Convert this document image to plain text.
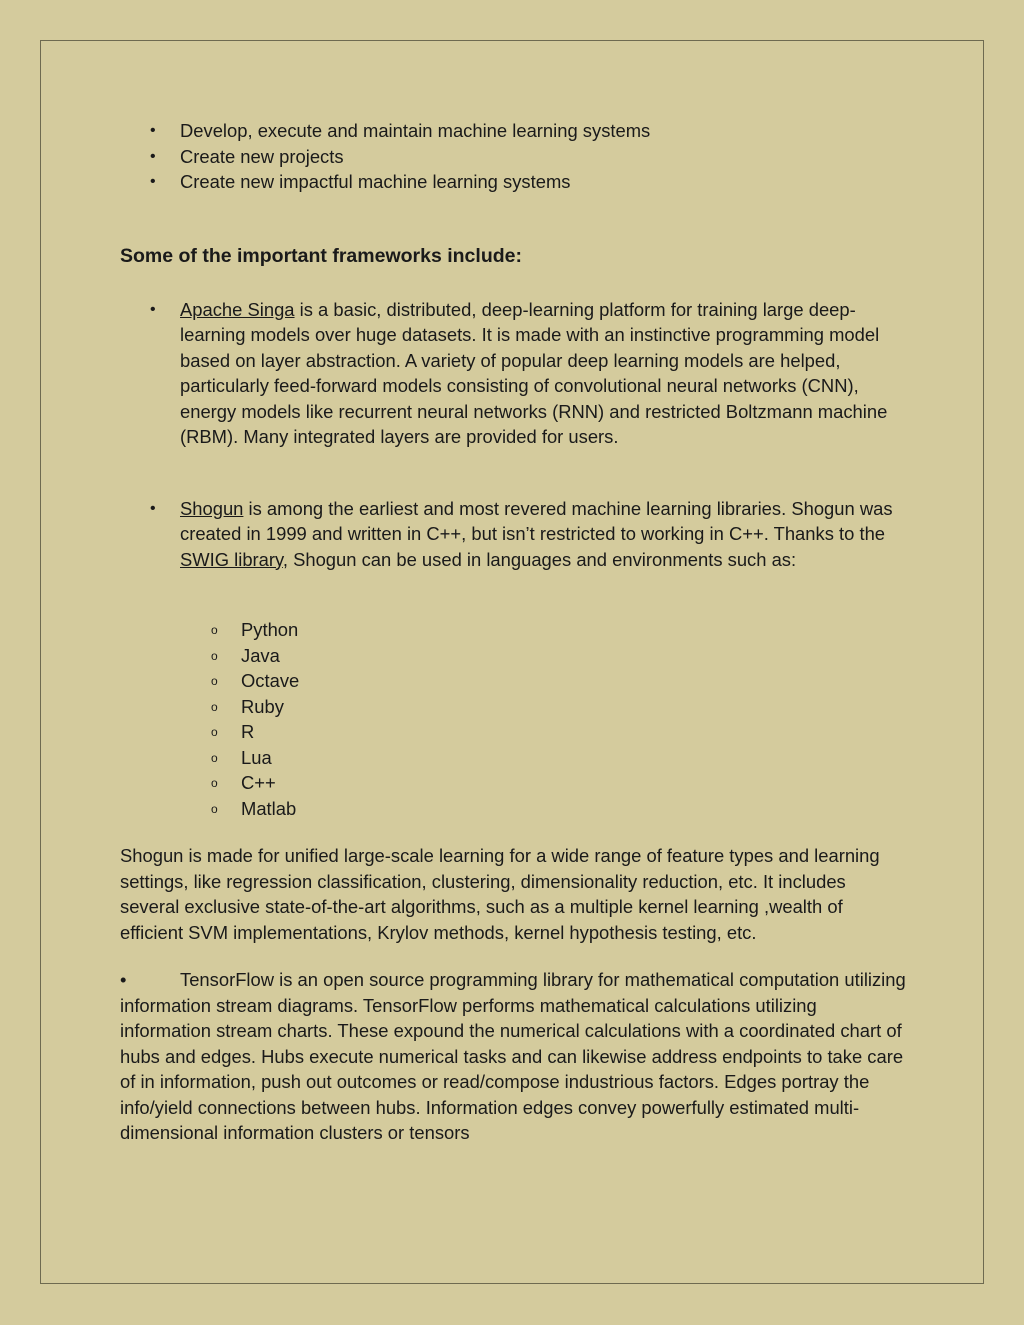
• Develop, execute and maintain machine learning systems
• Create new projects
• Create new impactful machine learning systems
Some of the important frameworks include:
• Apache Singa is a basic, distributed, deep-learning platform for training large deep-learning models over huge datasets. It is made with an instinctive programming model based on layer abstraction. A variety of popular deep learning models are helped, particularly feed-forward models consisting of convolutional neural networks (CNN), energy models like recurrent neural networks (RNN) and restricted Boltzmann machine (RBM). Many integrated layers are provided for users.
• Shogun is among the earliest and most revered machine learning libraries. Shogun was created in 1999 and written in C++, but isn’t restricted to working in C++. Thanks to the SWIG library, Shogun can be used in languages and environments such as:
o Python
o Java
o Octave
o Ruby
o R
o Lua
o C++
o Matlab

Shogun is made for unified large-scale learning for a wide range of feature types and learning settings, like regression classification, clustering, dimensionality reduction, etc. It includes several exclusive state-of-the-art algorithms, such as a multiple kernel learning ,wealth of efficient SVM implementations, Krylov methods, kernel hypothesis testing, etc.

•	TensorFlow is an open source programming library for mathematical computation utilizing information stream diagrams. TensorFlow performs mathematical calculations utilizing information stream charts. These expound the numerical calculations with a coordinated chart of hubs and edges. Hubs execute numerical tasks and can likewise address endpoints to take care of in information, push out outcomes or read/compose industrious factors. Edges portray the info/yield connections between hubs. Information edges convey powerfully estimated multi-dimensional information clusters or tensors
